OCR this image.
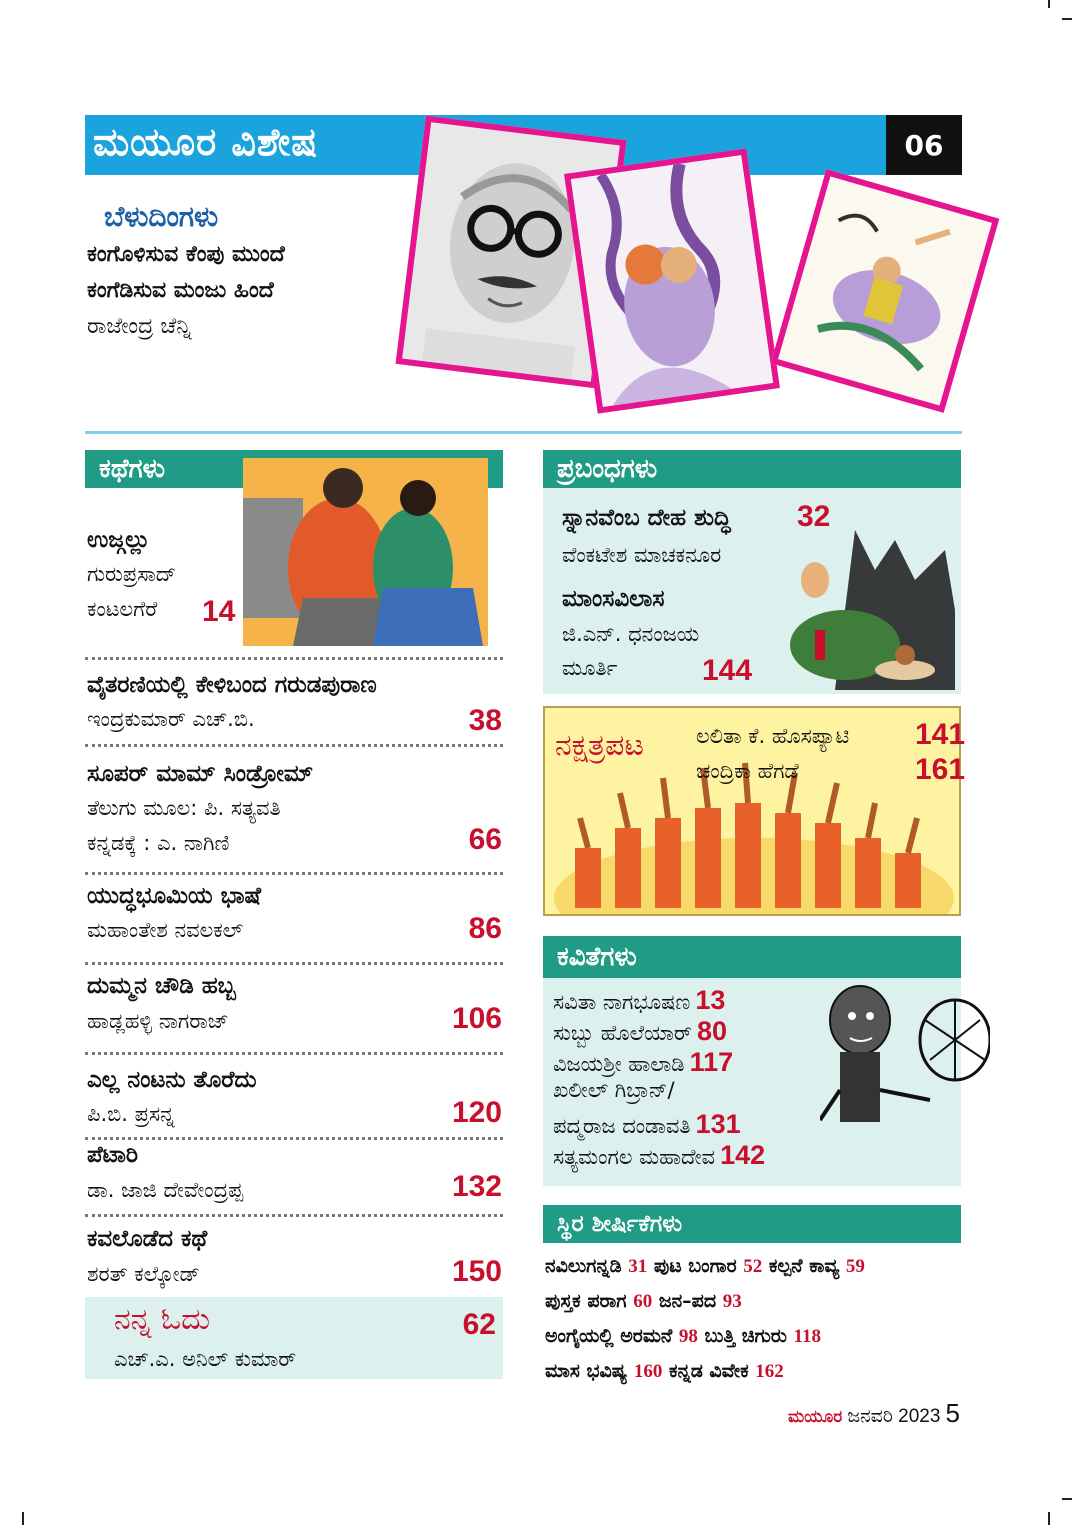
ಮಯೂರ ವಿಶೇಷ	06
ಬೆಳುದಿಂಗಳು
ಕಂಗೊಳಿಸುವ ಕೆಂಪು ಮುಂದೆ
ಕಂಗೆಡಿಸುವ ಮಂಜು ಹಿಂದೆ
ರಾಜೇಂದ್ರ ಚೆನ್ನಿ
ಕಥೆಗಳು
ಉಜ್ಗಲ್ಲು
ಗುರುಪ್ರಸಾದ್
ಕಂಟಲಗೆರೆ 14
ವೈತರಣಿಯಲ್ಲಿ ಕೇಳಿಬಂದ ಗರುಡಪುರಾಣ
ಇಂದ್ರಕುಮಾರ್ ಎಚ್.ಬಿ.	38
ಸೂಪರ್ ಮಾಮ್ ಸಿಂಡ್ರೋಮ್
ತೆಲುಗು ಮೂಲ: ಪಿ. ಸತ್ಯವತಿ
ಕನ್ನಡಕ್ಕೆ : ಎ. ನಾಗಿಣಿ	66
ಯುದ್ಧಭೂಮಿಯ ಭಾಷೆ
ಮಹಾಂತೇಶ ನವಲಕಲ್	86
ದುಮ್ಮನ ಚೌಡಿ ಹಬ್ಬ
ಹಾಡ್ಲಹಳ್ಳಿ ನಾಗರಾಜ್	106
ಎಲ್ಲ ನಂಟನು ತೊರೆದು
ಪಿ.ಬಿ. ಪ್ರಸನ್ನ	120
ಪೆಟಾರಿ
ಡಾ. ಜಾಜಿ ದೇವೇಂದ್ರಪ್ಪ	132
ಕವಲೊಡೆದ ಕಥೆ
ಶರತ್ ಕಲ್ಕೋಡ್	150
ನನ್ನ ಓದು
ಎಚ್.ಎ. ಅನಿಲ್ ಕುಮಾರ್
62
ಪ್ರಬಂಧಗಳು
ಸ್ನಾನವೆಂಬ ದೇಹ ಶುದ್ಧಿ 32
ವೆಂಕಟೇಶ ಮಾಚಕನೂರ
ಮಾಂಸವಿಲಾಸ
ಜಿ.ಎನ್. ಧನಂಜಯ
ಮೂರ್ತಿ	144
ನಕ್ಷತ್ರಪಟ ಲಲಿತಾ ಕೆ. ಹೊಸಪ್ಯಾಟಿ 141
ಚಂದ್ರಿಕಾ ಹೆಗಡೆ	161
ಕವಿತೆಗಳು
ಸವಿತಾ ನಾಗಭೂಷಣ 13
ಸುಬ್ಬು ಹೊಲೆಯಾರ್ 80
ವಿಜಯಶ್ರೀ ಹಾಲಾಡಿ 117
ಖಲೀಲ್ ಗಿಬ್ರಾನ್/
ಪದ್ಮರಾಜ ದಂಡಾವತಿ 131
ಸತ್ಯಮಂಗಲ ಮಹಾದೇವ 142
ಸ್ಥಿರ ಶೀರ್ಷಿಕೆಗಳು
ನವಿಲುಗನ್ನಡಿ 31 ಪುಟ ಬಂಗಾರ 52 ಕಲ್ಪನೆ ಕಾವ್ಯ 59
ಪುಸ್ತಕ ಪರಾಗ 60 ಜನ–ಪದ 93
ಅಂಗೈಯಲ್ಲಿ ಅರಮನೆ 98 ಬುತ್ತಿ ಚಿಗುರು 118
ಮಾಸ ಭವಿಷ್ಯ 160 ಕನ್ನಡ ವಿವೇಕ 162
ಮಯೂರ ಜನವರಿ 2023 5
